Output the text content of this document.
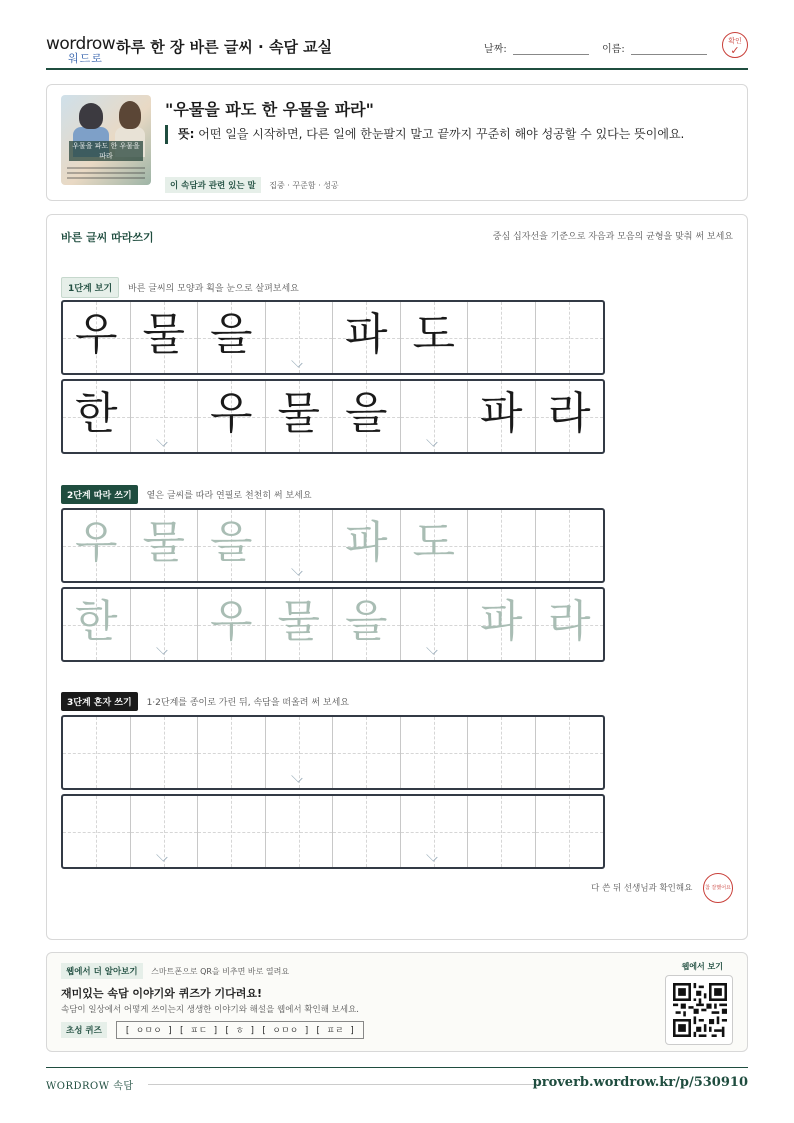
wordrow
워드로
하루 한 장 바른 글씨 · 속담 교실	날짜:	이름:
확인
✓
우물을 파도 한 우물을 파라
"우물을 파도 한 우물을 파라"
뜻: 어떤 일을 시작하면, 다른 일에 한눈팔지 말고 끝까지 꾸준히 해야 성공할 수 있다는 뜻이에요.
이 속담과 관련 있는 말 집중 · 꾸준함 · 성공
바른 글씨 따라쓰기	중심 십자선을 기준으로 자음과 모음의 균형을 맞춰 써 보세요
1단계 보기 바른 글씨의 모양과 획을 눈으로 살펴보세요
우 물 을 파 도
한 우 물 을 파 라
2단계 따라 쓰기 옅은 글씨를 따라 연필로 천천히 써 보세요
우 물 을 파 도
한 우 물 을 파 라
3단계 혼자 쓰기 1·2단계를 종이로 가린 뒤, 속담을 떠올려 써 보세요
다 쓴 뒤 선생님과 확인해요	참 잘했어요
웹에서 더 알아보기 스마트폰으로 QR을 비추면 바로 열려요
재미있는 속담 이야기와 퀴즈가 기다려요!
속담이 일상에서 어떻게 쓰이는지 생생한 이야기와 해설을 웹에서 확인해 보세요.
초성 퀴즈	[ ㅇㅁㅇ ] [ ㅍㄷ ] [ ㅎ ] [ ㅇㅁㅇ ] [ ㅍㄹ ]
웹에서 보기
WORDROW 속담	proverb.wordrow.kr/p/530910
